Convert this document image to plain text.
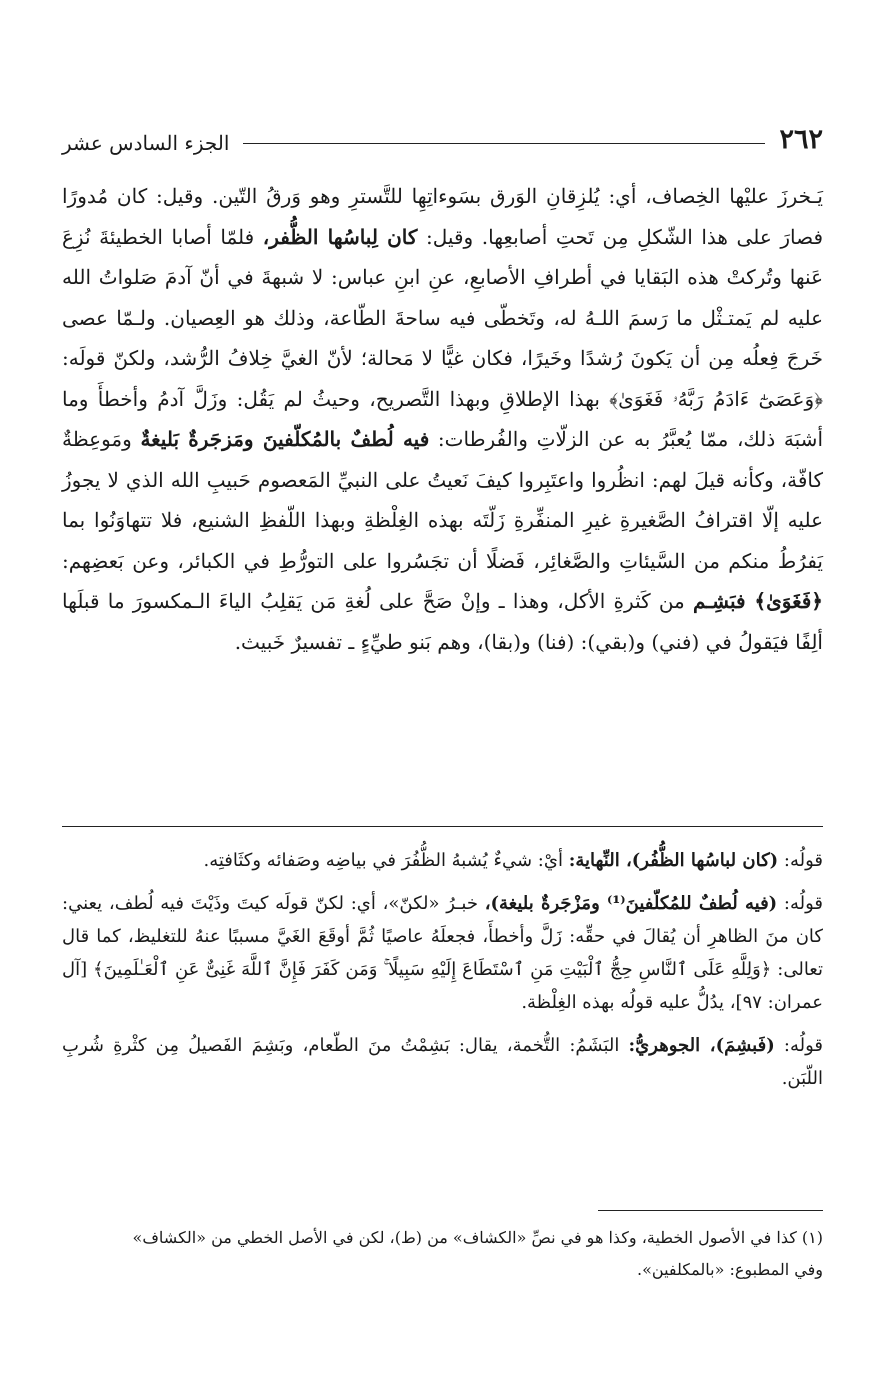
٢٦٢
الجزء السادس عشر

يَـخرزَ عليْها الخِصاف، أي: يُلزِقانِ الوَرق بسَوءاتِهِا للتَّسترِ وهو وَرقُ التّين. وقيل: كان مُدورًا فصارَ على هذا الشّكلِ مِن تَحتِ أصابعِها. وقيل: كان لِباسُها الظُّفر، فلمّا أصابا الخطيئةَ نُزِعَ عَنها وتُركتْ هذه البَقايا في أطرافِ الأصابعِ، عنِ ابنِ عباس: لا شبهةَ في أنّ آدمَ صَلواتُ الله عليه لم يَمتـثْل ما رَسمَ اللـهُ له، وتَخطّى فيه ساحةَ الطّاعة، وذلك هو العِصيان. ولـمّا عصى خَرجَ فِعلُه مِن أن يَكونَ رُشدًا وخَيرًا، فكان غيًّا لا مَحالة؛ لأنّ الغيَّ خِلافُ الرُّشد، ولكنّ قولَه: ﴿وَعَصَىٰٓ ءَادَمُ رَبَّهُۥ فَغَوَىٰ﴾ بهذا الإطلاقِ وبهذا التَّصريح، وحيثُ لم يَقُل: وزَلَّ آدمُ وأخطأَ وما أشبَهَ ذلك، ممّا يُعبَّرُ به عن الزلّاتِ والفُرطات: فيه لُطفٌ بالمُكلّفينَ ومَزجَرةٌ بَليغةٌ ومَوعِظةٌ كافّة، وكأنه قيلَ لهم: انظُروا واعتَبِروا كيفَ نَعيتُ على النبيِّ المَعصوم حَبيبِ الله الذي لا يجوزُ عليه إلّا اقترافُ الصَّغيرةِ غيرِ المنفِّرةِ زَلّتَه بهذه الغِلْظةِ وبهذا اللّفظِ الشنيع، فلا تتهاوَنُوا بما يَفرُطُ منكم من السَّيئاتِ والصَّغائِر، فَضلًا أن تجَسُروا على التورُّطِ في الكبائر، وعن بَعضِهم: ﴿فَغَوَىٰ﴾ فبَشِـم من كَثرةِ الأكل، وهذا ـ وإنْ صَحَّ على لُغةِ مَن يَقلِبُ الياءَ الـمكسورَ ما قبلَها ألِفًا فيَقولُ في (فني) و(بقي): (فنا) و(بقا)، وهم بَنو طيِّءٍ ـ تفسيرٌ خَبيث.

قولُه: (كان لباسُها الظُّفُر)، النِّهاية: أيْ: شيءٌ يُشبهُ الظُّفُرَ في بياضِه وصَفائه وكثَافتِه.

قولُه: (فيه لُطفٌ للمُكلّفينَ⁽¹⁾ ومَزْجَرةٌ بليغة)، خبـرُ «لكنّ»، أي: لكنّ قولَه كيتَ وذَيْتَ فيه لُطف، يعني: كان منَ الظاهرِ أن يُقالَ في حقِّه: زَلَّ وأخطأَ، فجعلَهُ عاصيًا ثُمَّ أوقَعَ الغَيَّ مسببًا عنهُ للتغليظ، كما قال تعالى: ﴿وَلِلَّهِ عَلَى ٱلنَّاسِ حِجُّ ٱلْبَيْتِ مَنِ ٱسْتَطَاعَ إِلَيْهِ سَبِيلًا ۚ وَمَن كَفَرَ فَإِنَّ ٱللَّهَ غَنِىٌّ عَنِ ٱلْعَـٰلَمِينَ﴾ [آل عمران: ٩٧]، يدُلُّ عليه قولُه بهذه الغِلْظة.

قولُه: (فَبشِمَ)، الجوهريُّ: البَشَمُ: التُّخمة، يقال: بَشِمْتُ منَ الطّعام، وبَشِمَ الفَصيلُ مِن كثْرةِ شُربِ اللّبَن.

(١) كذا في الأصول الخطية، وكذا هو في نصِّ «الكشاف» من (ط)، لكن في الأصل الخطي من «الكشاف»

وفي المطبوع: «بالمكلفين».
